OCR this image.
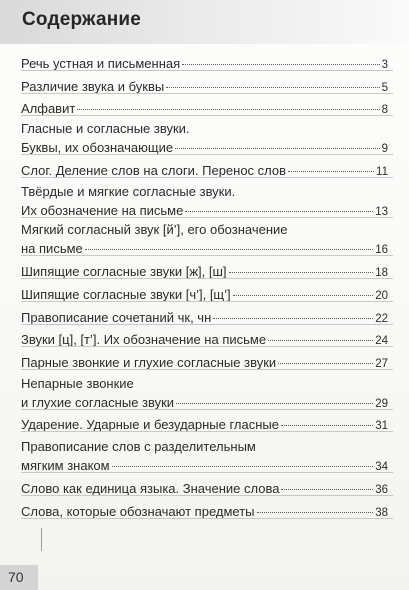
Содержание
Речь устная и письменная	3
Различие звука и буквы	5
Алфавит	8
Гласные и согласные звуки.
Буквы, их обозначающие	9
Слог. Деление слов на слоги. Перенос слов	11
Твёрдые и мягкие согласные звуки.
Их обозначение на письме	13
Мягкий согласный звук [й’], его обозначение
на письме	16
Шипящие согласные звуки [ж], [ш]	18
Шипящие согласные звуки [ч’], [щ’]	20
Правописание сочетаний чк, чн	22
Звуки [ц], [т’]. Их обозначение на письме	24
Парные звонкие и глухие согласные звуки	27
Непарные звонкие
и глухие согласные звуки	29
Ударение. Ударные и безударные гласные	31
Правописание слов с разделительным
мягким знаком	34
Слово как единица языка. Значение слова	36
Слова, которые обозначают предметы	38
70
